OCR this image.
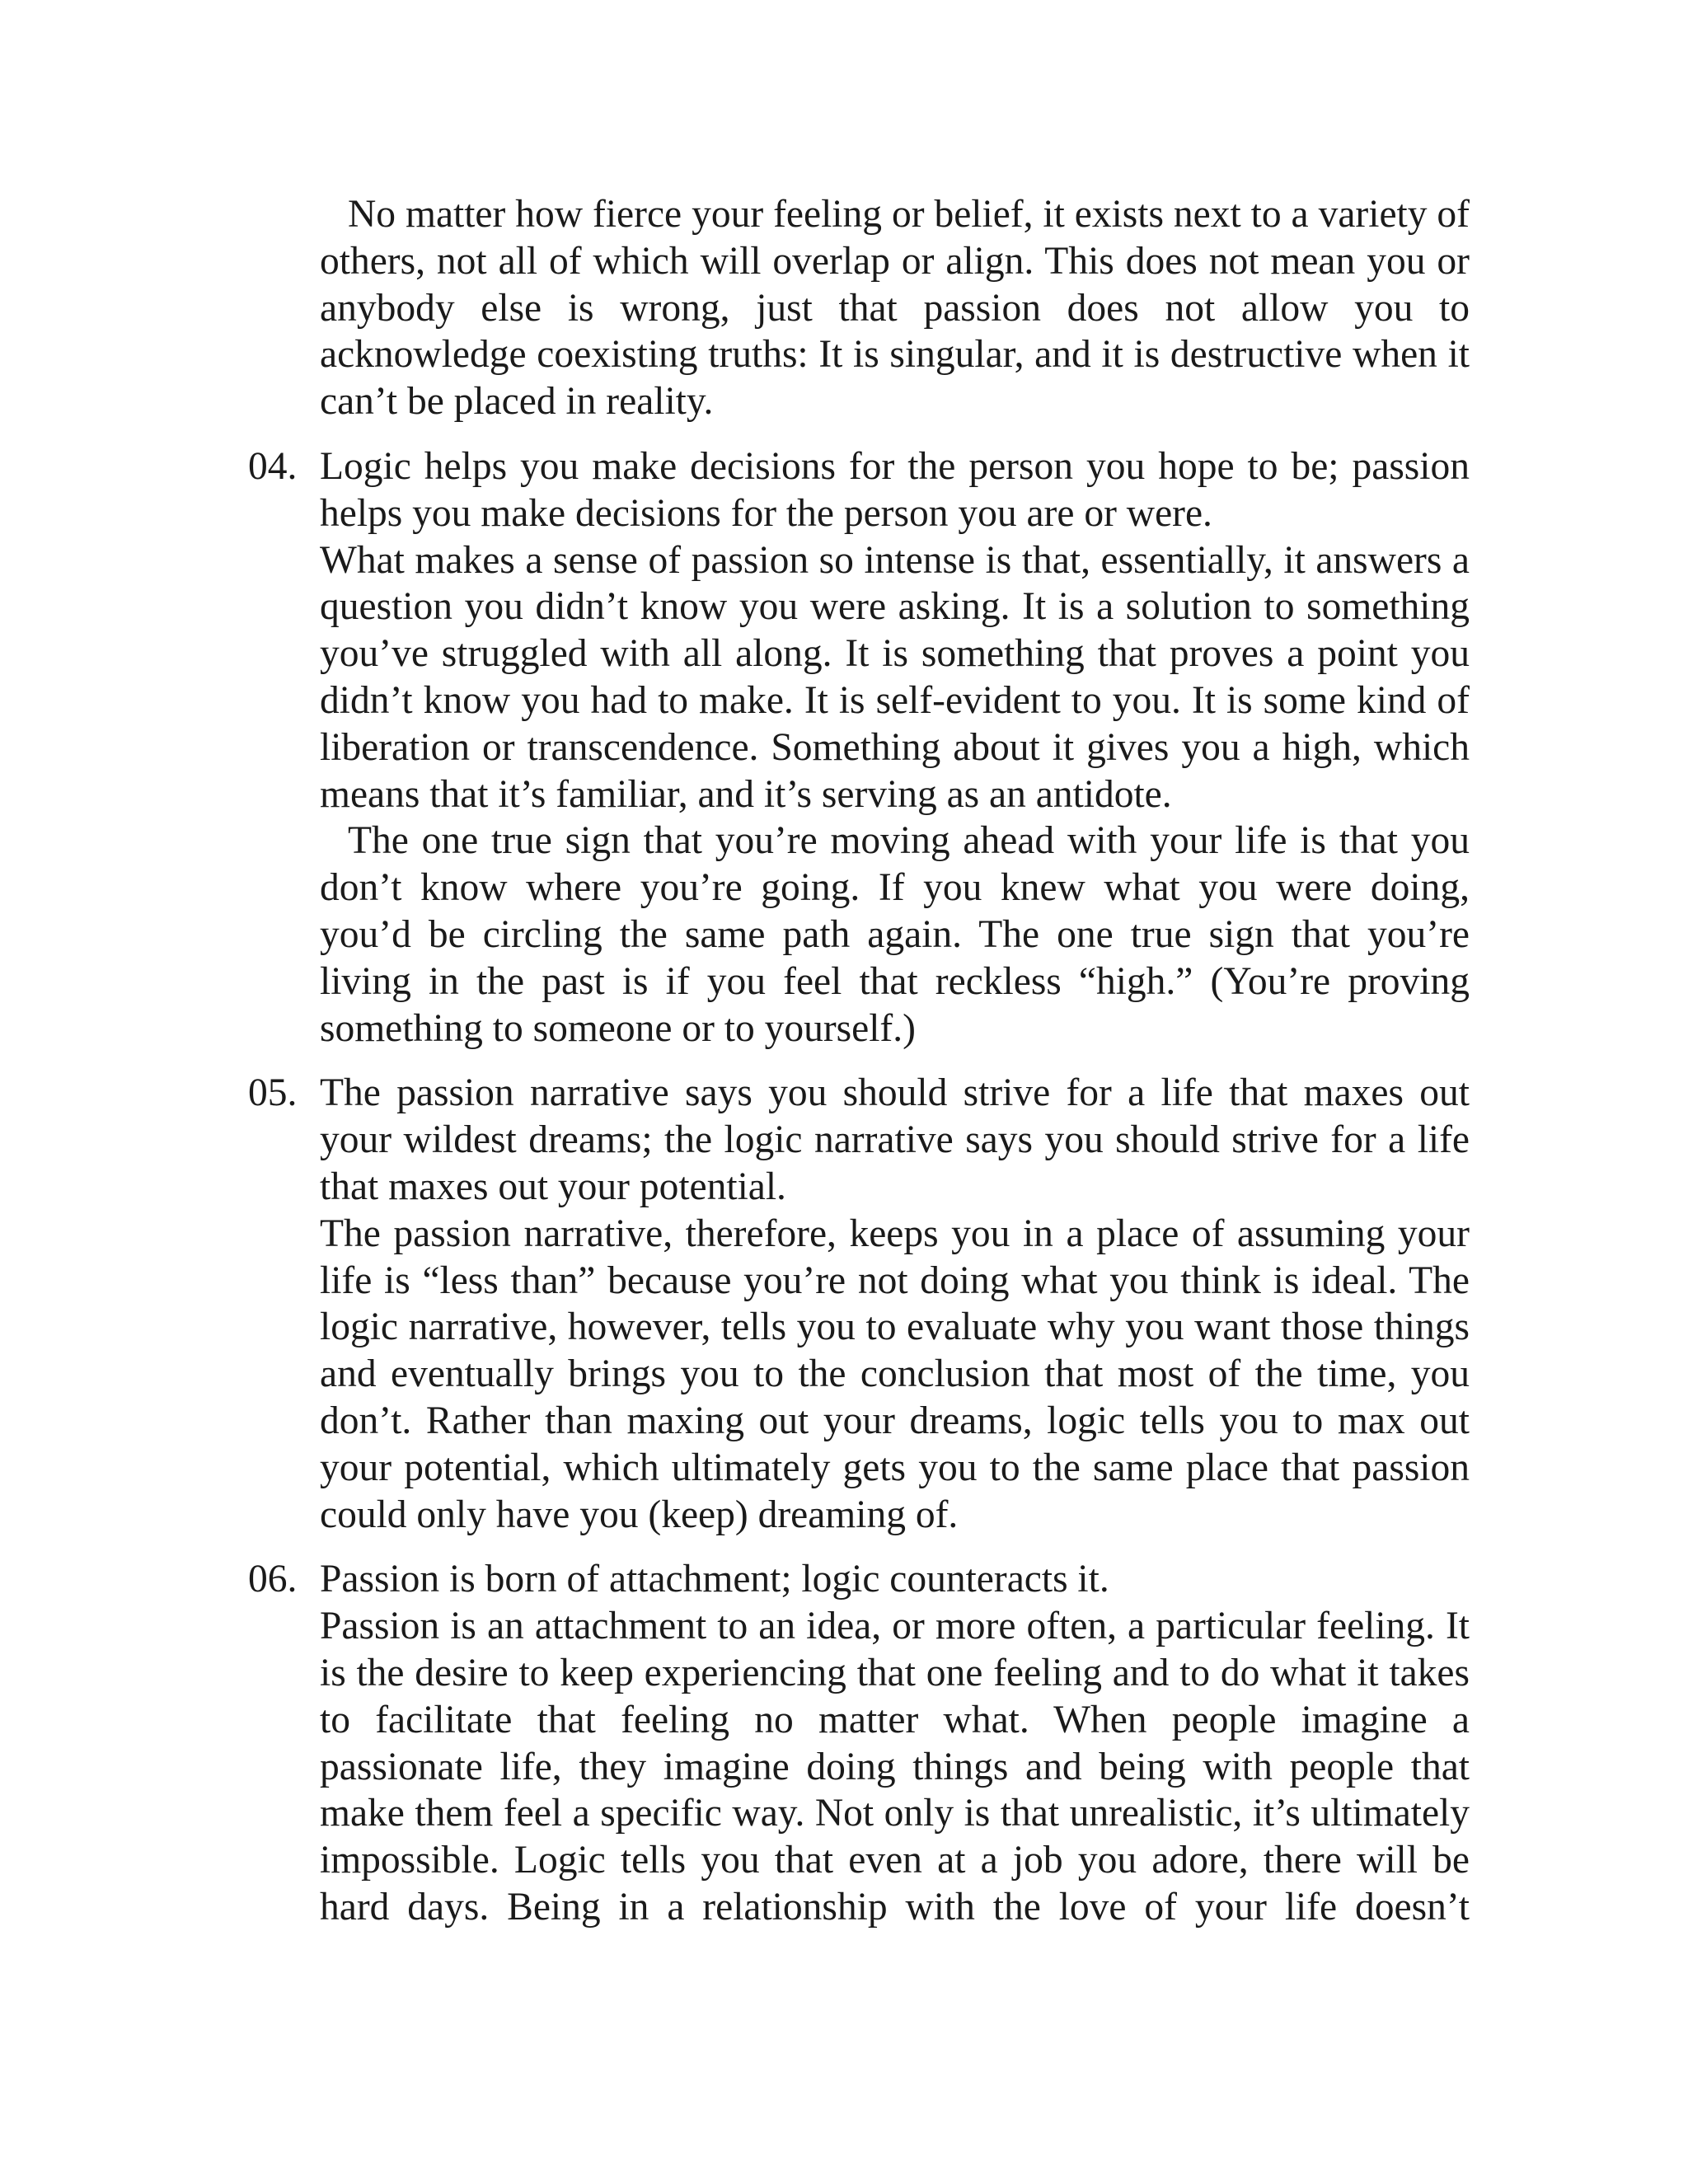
No matter how fierce your feeling or belief, it exists next to a variety of others, not all of which will overlap or align. This does not mean you or anybody else is wrong, just that passion does not allow you to acknowledge coexisting truths: It is singular, and it is destructive when it can’t be placed in reality.

04. Logic helps you make decisions for the person you hope to be; passion helps you make decisions for the person you are or were.

What makes a sense of passion so intense is that, essentially, it answers a question you didn’t know you were asking. It is a solution to something you’ve struggled with all along. It is something that proves a point you didn’t know you had to make. It is self-evident to you. It is some kind of liberation or transcendence. Something about it gives you a high, which means that it’s familiar, and it’s serving as an antidote.

The one true sign that you’re moving ahead with your life is that you don’t know where you’re going. If you knew what you were doing, you’d be circling the same path again. The one true sign that you’re living in the past is if you feel that reckless “high.” (You’re proving something to someone or to yourself.)

05. The passion narrative says you should strive for a life that maxes out your wildest dreams; the logic narrative says you should strive for a life that maxes out your potential.

The passion narrative, therefore, keeps you in a place of assuming your life is “less than” because you’re not doing what you think is ideal. The logic narrative, however, tells you to evaluate why you want those things and eventually brings you to the conclusion that most of the time, you don’t. Rather than maxing out your dreams, logic tells you to max out your potential, which ultimately gets you to the same place that passion could only have you (keep) dreaming of.

06. Passion is born of attachment; logic counteracts it.

Passion is an attachment to an idea, or more often, a particular feeling. It is the desire to keep experiencing that one feeling and to do what it takes to facilitate that feeling no matter what. When people imagine a passionate life, they imagine doing things and being with people that make them feel a specific way. Not only is that unrealistic, it’s ultimately impossible. Logic tells you that even at a job you adore, there will be hard days. Being in a relationship with the love of your life doesn’t
